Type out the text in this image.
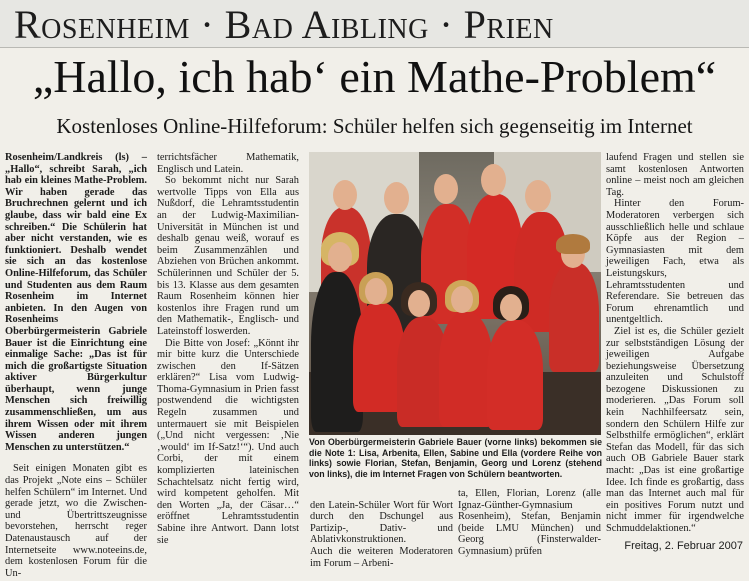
Rosenheim · Bad Aibling · Prien
„Hallo, ich hab‘ ein Mathe-Problem“
Kostenloses Online-Hilfeforum: Schüler helfen sich gegenseitig im Internet

Rosenheim/Landkreis (ls) – „Hallo“, schreibt Sarah, „ich hab ein kleines Mathe-Problem. Wir haben gerade das Bruchrechnen gelernt und ich glaube, dass wir bald eine Ex schreiben.“ Die Schülerin hat aber nicht verstanden, wie es funktioniert. Deshalb wendet sie sich an das kostenlose Online-Hilfeforum, das Schüler und Studenten aus dem Raum Rosenheim im Internet anbieten. In den Augen von Rosenheims Oberbürgermeisterin Gabriele Bauer ist die Einrichtung eine einmalige Sache: „Das ist für mich die großartigste Situation aktiver Bürgerkultur überhaupt, wenn junge Menschen sich freiwillig zusammenschließen, um aus ihrem Wissen oder mit ihrem Wissen anderen jungen Menschen zu unterstützen.“

Seit einigen Monaten gibt es das Projekt „Note eins – Schüler helfen Schülern“ im Internet. Und gerade jetzt, wo die Zwischen- und Übertrittszeugnisse bevorstehen, herrscht reger Datenaustausch auf der Internetseite www.noteeins.de, dem kostenlosen Forum für die Un-

terrichtsfächer Mathematik, Englisch und Latein.

So bekommt nicht nur Sarah wertvolle Tipps von Ella aus Nußdorf, die Lehramtsstudentin an der Ludwig-Maximilian-Universität in München ist und deshalb genau weiß, worauf es beim Zusammenzählen und Abziehen von Brüchen ankommt. Schülerinnen und Schüler der 5. bis 13. Klasse aus dem gesamten Raum Rosenheim können hier kostenlos ihre Fragen rund um den Mathematik-, Englisch- und Lateinstoff loswerden.

Die Bitte von Josef: „Könnt ihr mir bitte kurz die Unterschiede zwischen den If-Sätzen erklären?“ Lisa vom Ludwig-Thoma-Gymnasium in Prien fasst postwendend die wichtigsten Regeln zusammen und untermauert sie mit Beispielen („Und nicht vergessen: ‚Nie ‚would‘ im If-Satz!‘“). Und auch Corbi, der mit einem komplizierten lateinischen Schachtelsatz nicht fertig wird, wird kompetent geholfen. Mit den Worten „Ja, der Cäsar…“ eröffnet Lehramtsstudentin Sabine ihre Antwort. Dann lotst sie

Von Oberbürgermeisterin Gabriele Bauer (vorne links) bekommen sie die Note 1: Lisa, Arbenita, Ellen, Sabine und Ella (vordere Reihe von links) sowie Florian, Stefan, Benjamin, Georg und Lorenz (stehend von links), die im Internet Fragen von Schülern beantworten.

den Latein-Schüler Wort für Wort durch den Dschungel aus Partizip-, Dativ- und Ablativkonstruktionen.
Auch die weiteren Moderatoren im Forum – Arbeni-

ta, Ellen, Florian, Lorenz (alle Ignaz-Günther-Gymnasium Rosenheim), Stefan, Benjamin (beide LMU München) und Georg (Finsterwalder-Gymnasium) prüfen

laufend Fragen und stellen sie samt kostenlosen Antworten online – meist noch am gleichen Tag.

Hinter den Forum-Moderatoren verbergen sich ausschließlich helle und schlaue Köpfe aus der Region – Gymnasiasten mit dem jeweiligen Fach, etwa als Leistungskurs, Lehramtsstudenten und Referendare. Sie betreuen das Forum ehrenamtlich und unentgeltlich.

Ziel ist es, die Schüler gezielt zur selbstständigen Lösung der jeweiligen Aufgabe beziehungsweise Übersetzung anzuleiten und Schulstoff bezogene Diskussionen zu moderieren. „Das Forum soll kein Nachhilfeersatz sein, sondern den Schülern Hilfe zur Selbsthilfe ermöglichen“, erklärt Stefan das Modell, für das sich auch OB Gabriele Bauer stark macht: „Das ist eine großartige Idee. Ich finde es großartig, dass man das Internet auch mal für ein positives Forum nutzt und nicht immer für irgendwelche Schmuddelaktionen.“

Freitag, 2. Februar 2007
